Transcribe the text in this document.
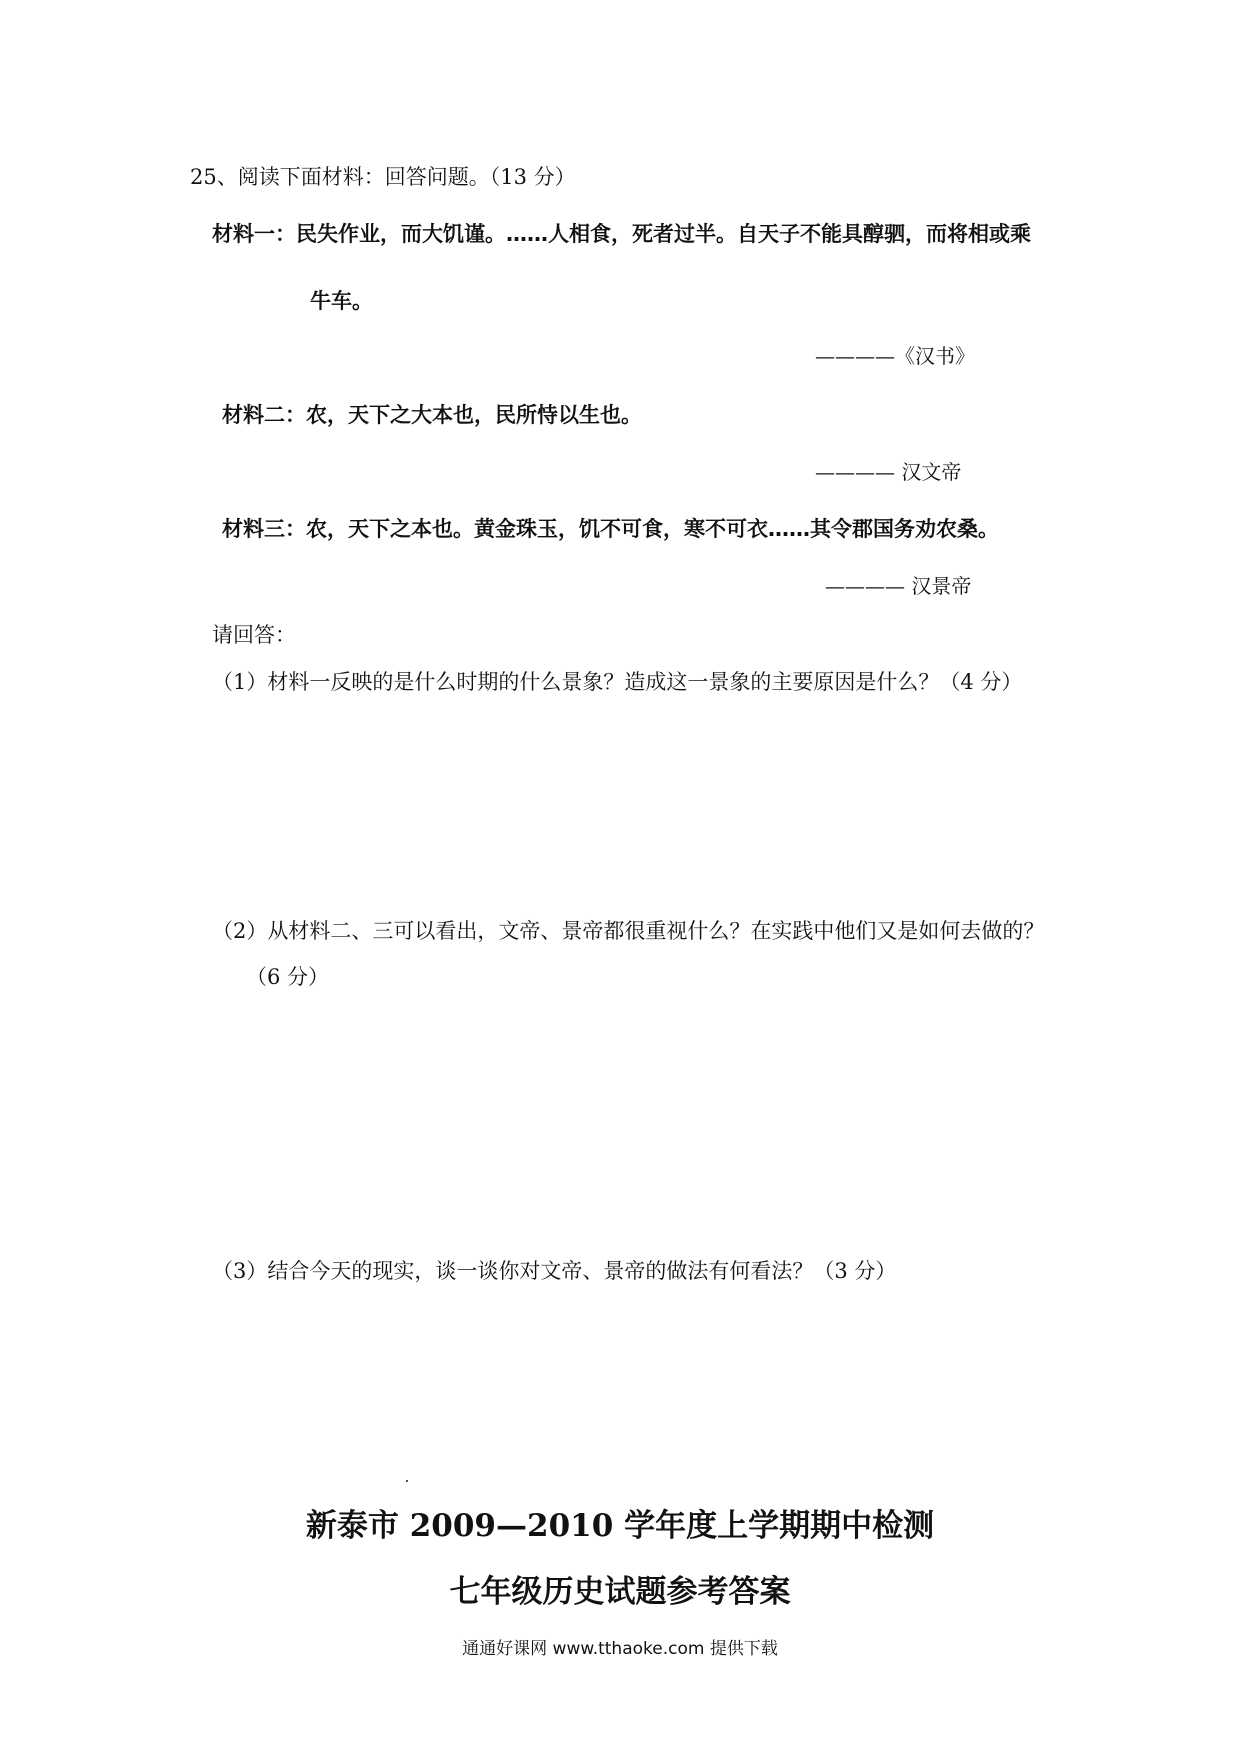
25、阅读下面材料：回答问题。（13 分）
材料一：民失作业，而大饥谨。……人相食，死者过半。自天子不能具醇驷，而将相或乘
牛车。
————《汉书》
材料二：农，天下之大本也，民所恃以生也。
———— 汉文帝
材料三：农，天下之本也。黄金珠玉，饥不可食，寒不可衣……其令郡国务劝农桑。
———— 汉景帝
请回答：
（1）材料一反映的是什么时期的什么景象？造成这一景象的主要原因是什么？（4 分）
（2）从材料二、三可以看出，文帝、景帝都很重视什么？在实践中他们又是如何去做的？
（6 分）
（3）结合今天的现实，谈一谈你对文帝、景帝的做法有何看法？（3 分）
新泰市 2009—2010 学年度上学期期中检测
七年级历史试题参考答案
通通好课网 www.tthaoke.com 提供下载
